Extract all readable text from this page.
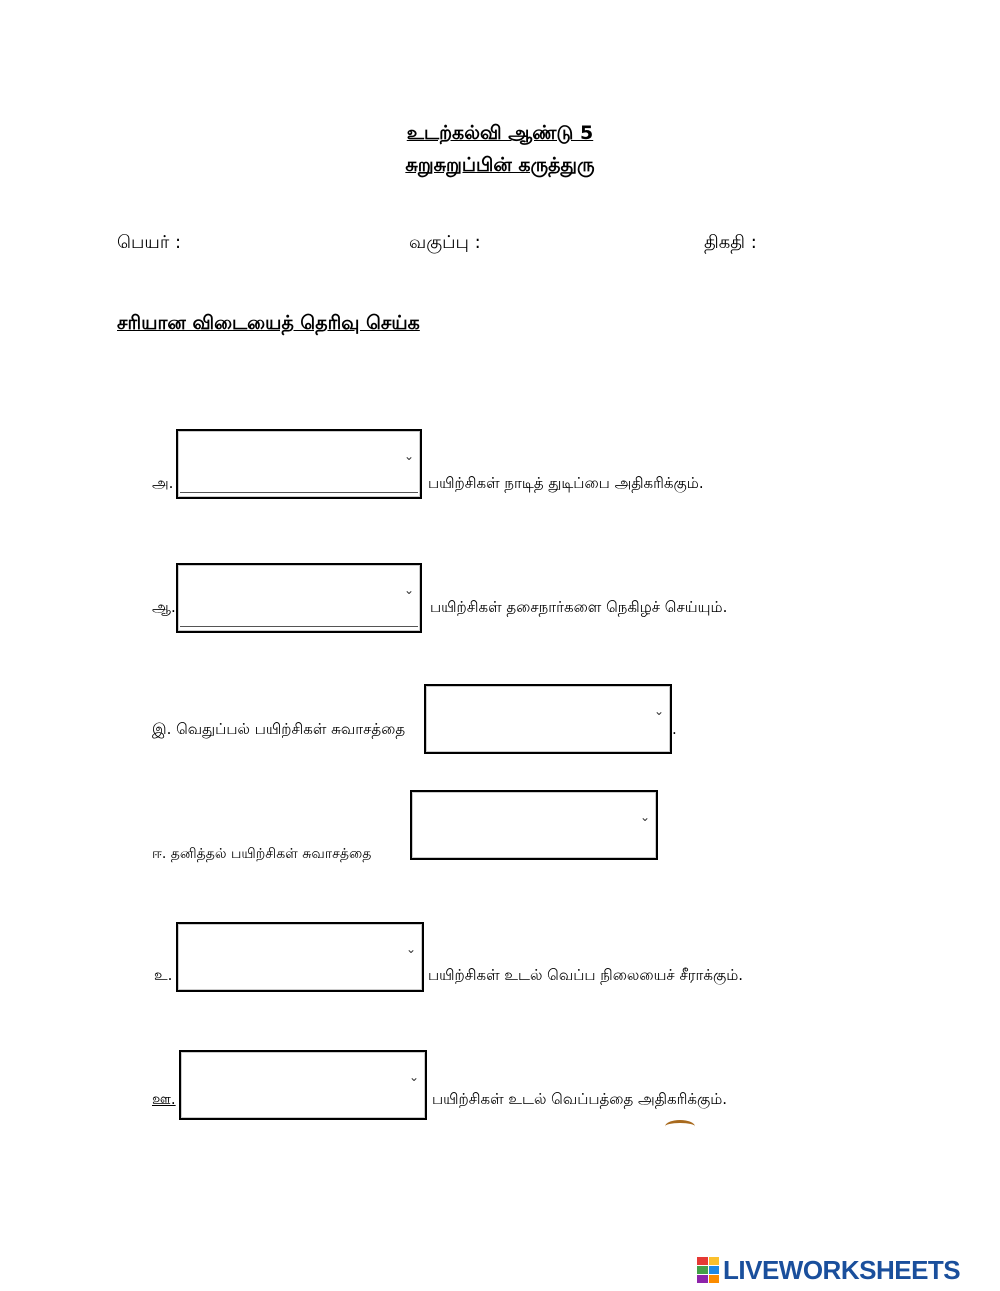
உடற்கல்வி ஆண்டு 5
சுறுசுறுப்பின் கருத்துரு
பெயர் :	வகுப்பு :	திகதி :
சரியான விடையைத் தெரிவு செய்க
அ.
⌄
பயிற்சிகள் நாடித் துடிப்பை அதிகரிக்கும்.
ஆ.
⌄
பயிற்சிகள் தசைநார்களை நெகிழச் செய்யும்.
இ. வெதுப்பல் பயிற்சிகள் சுவாசத்தை
⌄
.
ஈ. தனித்தல் பயிற்சிகள் சுவாசத்தை
⌄
உ.
⌄
பயிற்சிகள் உடல் வெப்ப நிலையைச் சீராக்கும்.
ஊ.
⌄
பயிற்சிகள் உடல் வெப்பத்தை அதிகரிக்கும்.
LIVEWORKSHEETS
